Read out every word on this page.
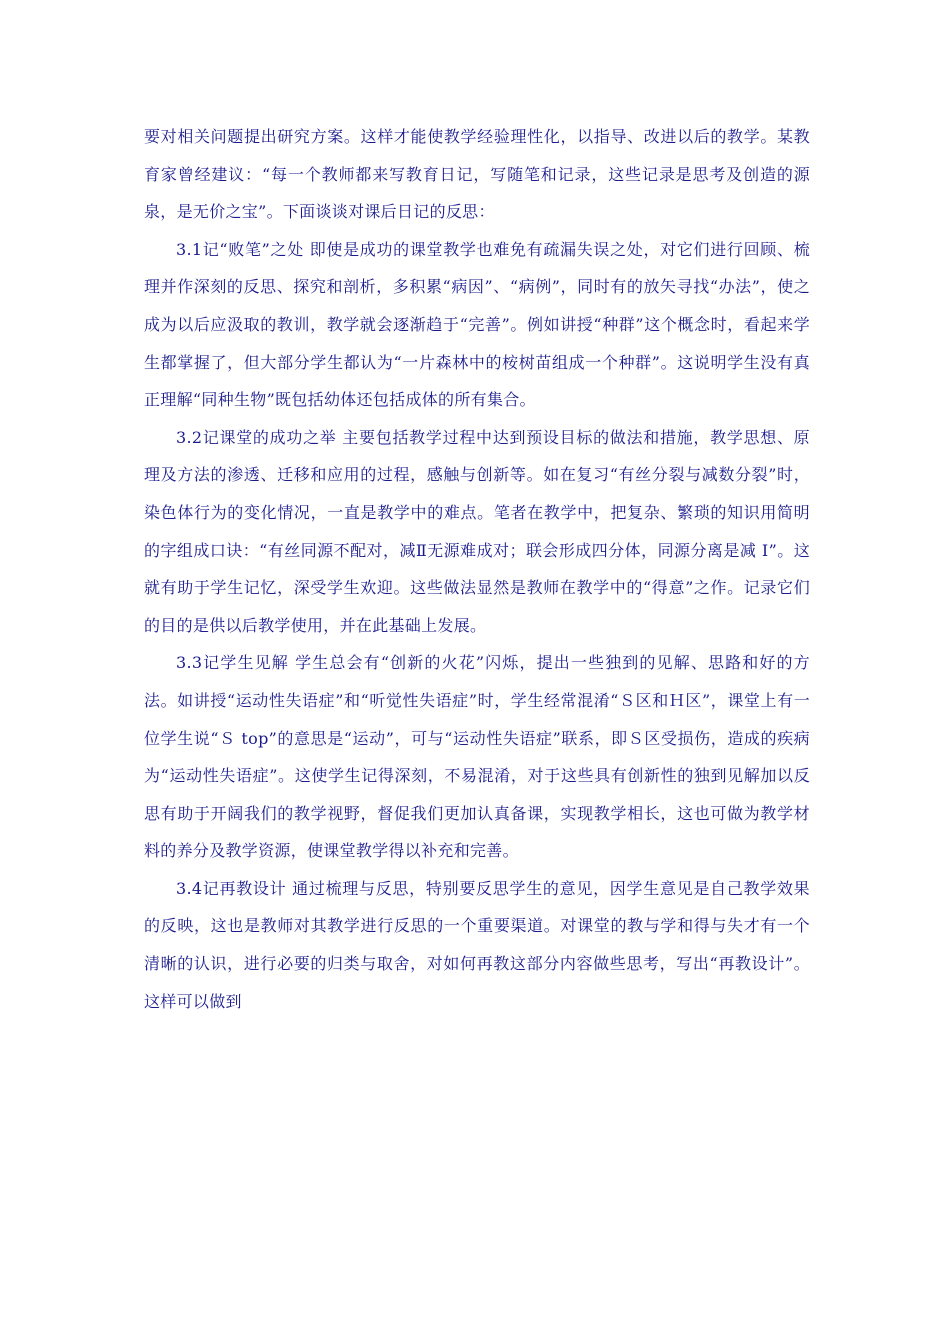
要对相关问题提出研究方案。这样才能使教学经验理性化，以指导、改进以后的教学。某教育家曾经建议：“每一个教师都来写教育日记，写随笔和记录，这些记录是思考及创造的源泉，是无价之宝”。下面谈谈对课后日记的反思：

3.1记“败笔”之处 即使是成功的课堂教学也难免有疏漏失误之处，对它们进行回顾、梳理并作深刻的反思、探究和剖析，多积累“病因”、“病例”，同时有的放矢寻找“办法”，使之成为以后应汲取的教训，教学就会逐渐趋于“完善”。例如讲授“种群”这个概念时，看起来学生都掌握了，但大部分学生都认为“一片森林中的桉树苗组成一个种群”。这说明学生没有真正理解“同种生物”既包括幼体还包括成体的所有集合。

3.2记课堂的成功之举 主要包括教学过程中达到预设目标的做法和措施，教学思想、原理及方法的渗透、迁移和应用的过程，感触与创新等。如在复习“有丝分裂与减数分裂”时，染色体行为的变化情况，一直是教学中的难点。笔者在教学中，把复杂、繁琐的知识用简明的字组成口诀：“有丝同源不配对，减Ⅱ无源难成对；联会形成四分体，同源分离是减 Ⅰ”。这就有助于学生记忆，深受学生欢迎。这些做法显然是教师在教学中的“得意”之作。记录它们的目的是供以后教学使用，并在此基础上发展。

3.3记学生见解 学生总会有“创新的火花”闪烁，提出一些独到的见解、思路和好的方法。如讲授“运动性失语症”和“听觉性失语症”时，学生经常混淆“Ｓ区和Ｈ区”，课堂上有一位学生说“Ｓ top”的意思是“运动”，可与“运动性失语症”联系，即Ｓ区受损伤，造成的疾病为“运动性失语症”。这使学生记得深刻，不易混淆，对于这些具有创新性的独到见解加以反思有助于开阔我们的教学视野，督促我们更加认真备课，实现教学相长，这也可做为教学材料的养分及教学资源，使课堂教学得以补充和完善。

3.4记再教设计 通过梳理与反思，特别要反思学生的意见，因学生意见是自己教学效果的反映，这也是教师对其教学进行反思的一个重要渠道。对课堂的教与学和得与失才有一个清晰的认识，进行必要的归类与取舍，对如何再教这部分内容做些思考，写出“再教设计”。这样可以做到
